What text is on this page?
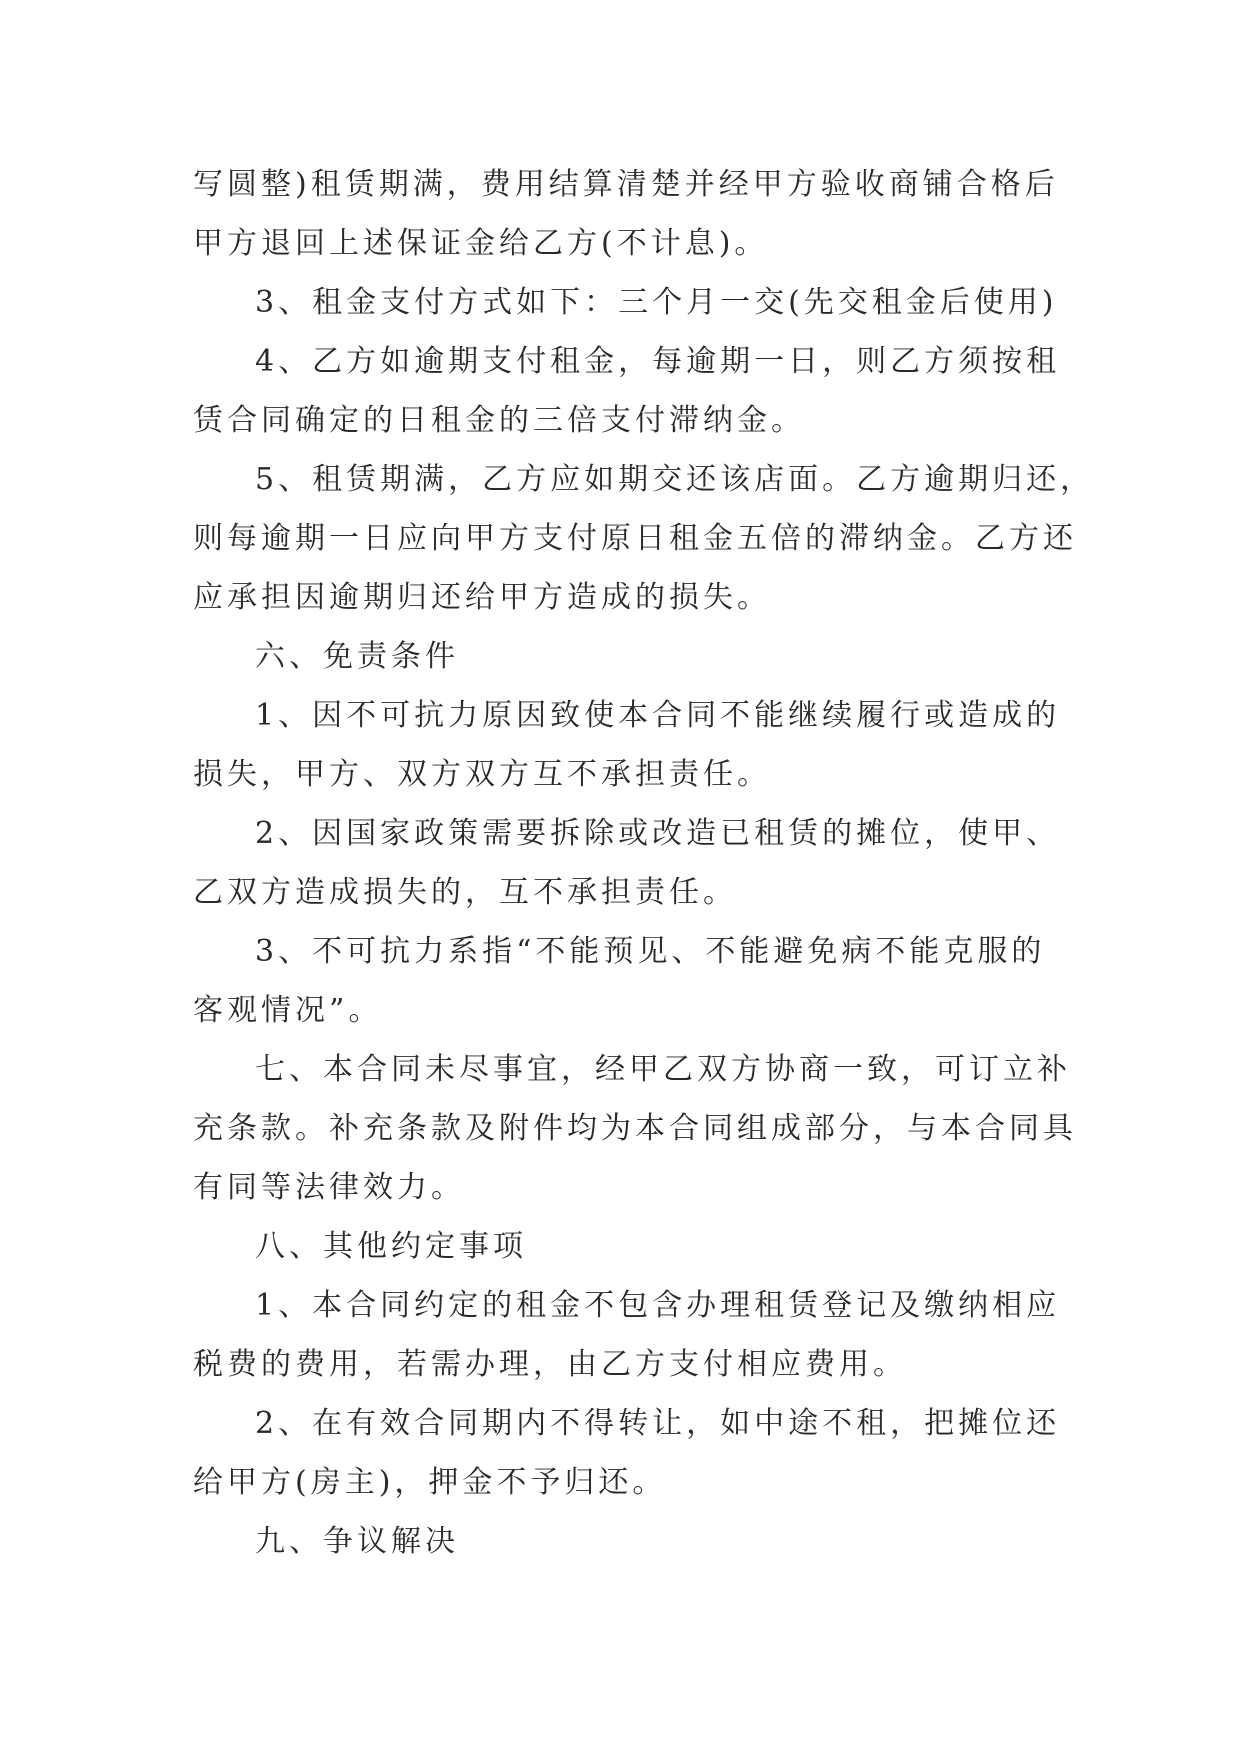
写圆整)租赁期满，费用结算清楚并经甲方验收商铺合格后
甲方退回上述保证金给乙方(不计息)。
3、租金支付方式如下：三个月一交(先交租金后使用)
4、乙方如逾期支付租金，每逾期一日，则乙方须按租
赁合同确定的日租金的三倍支付滞纳金。
5、租赁期满，乙方应如期交还该店面。乙方逾期归还，
则每逾期一日应向甲方支付原日租金五倍的滞纳金。乙方还
应承担因逾期归还给甲方造成的损失。
六、免责条件
1、因不可抗力原因致使本合同不能继续履行或造成的
损失，甲方、双方双方互不承担责任。
2、因国家政策需要拆除或改造已租赁的摊位，使甲、
乙双方造成损失的，互不承担责任。
3、不可抗力系指“不能预见、不能避免病不能克服的
客观情况”。
七、本合同未尽事宜，经甲乙双方协商一致，可订立补
充条款。补充条款及附件均为本合同组成部分，与本合同具
有同等法律效力。
八、其他约定事项
1、本合同约定的租金不包含办理租赁登记及缴纳相应
税费的费用，若需办理，由乙方支付相应费用。
2、在有效合同期内不得转让，如中途不租，把摊位还
给甲方(房主)，押金不予归还。
九、争议解决
